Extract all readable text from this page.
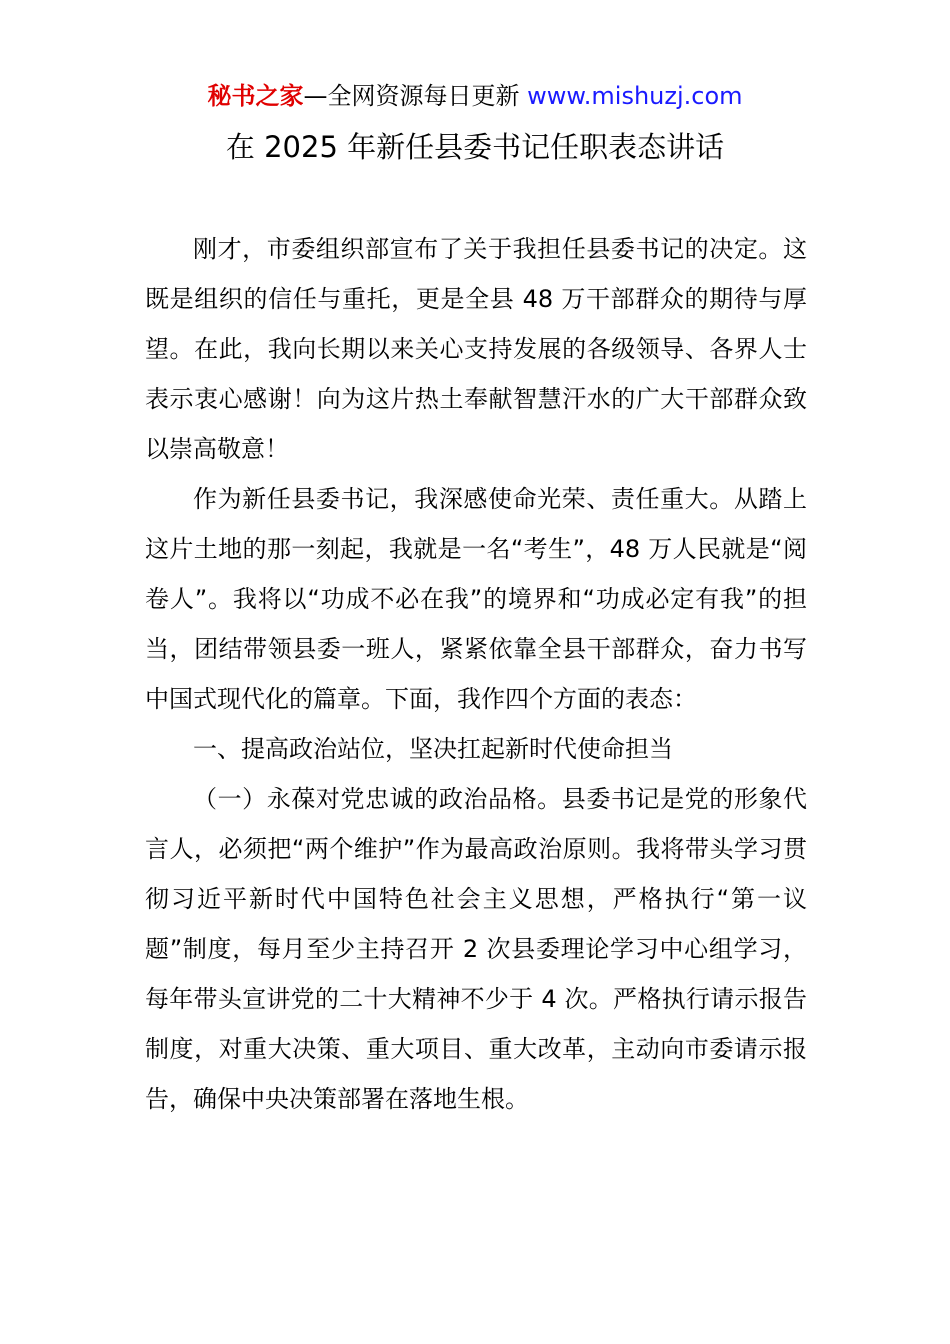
秘书之家—全网资源每日更新 www.mishuzj.com
在 2025 年新任县委书记任职表态讲话

刚才，市委组织部宣布了关于我担任县委书记的决定。这既是组织的信任与重托，更是全县 48 万干部群众的期待与厚望。在此，我向长期以来关心支持发展的各级领导、各界人士表示衷心感谢！向为这片热土奉献智慧汗水的广大干部群众致以崇高敬意！

作为新任县委书记，我深感使命光荣、责任重大。从踏上这片土地的那一刻起，我就是一名“考生”，48 万人民就是“阅卷人”。我将以“功成不必在我”的境界和“功成必定有我”的担当，团结带领县委一班人，紧紧依靠全县干部群众，奋力书写中国式现代化的篇章。下面，我作四个方面的表态：

一、提高政治站位，坚决扛起新时代使命担当

（一）永葆对党忠诚的政治品格。县委书记是党的形象代言人，必须把“两个维护”作为最高政治原则。我将带头学习贯彻习近平新时代中国特色社会主义思想，严格执行“第一议题”制度，每月至少主持召开 2 次县委理论学习中心组学习，每年带头宣讲党的二十大精神不少于 4 次。严格执行请示报告制度，对重大决策、重大项目、重大改革，主动向市委请示报告，确保中央决策部署在落地生根。
